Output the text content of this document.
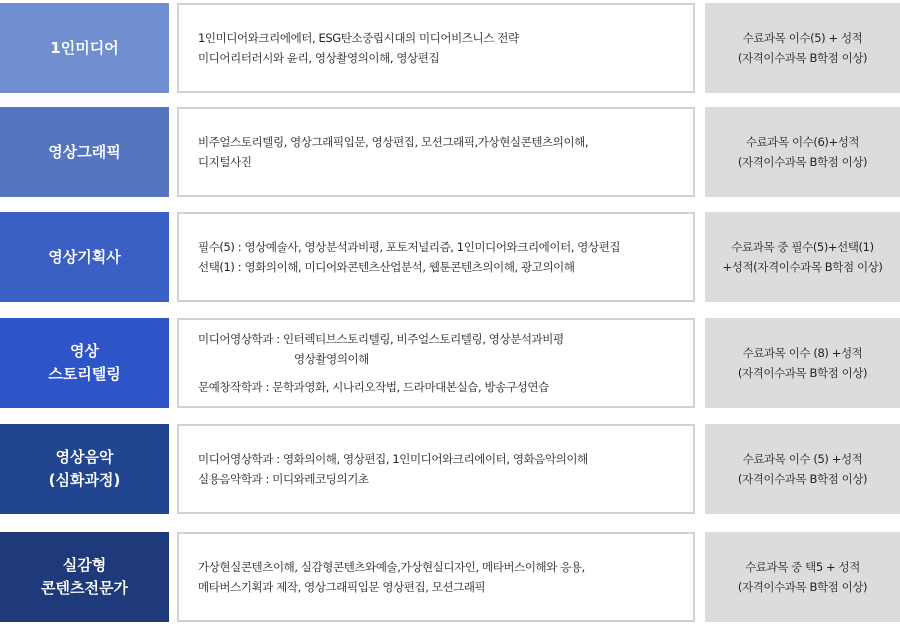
1인미디어
1인미디어와크리에에터, ESG탄소중립시대의 미디어비즈니스 전략
미디어리터러시와 윤리, 영상촬영의이해, 영상편집
수료과목 이수(5) + 성적
(자격이수과목 B학점 이상)
영상그래픽
비주얼스토리텔링, 영상그래픽입문, 영상편집, 모션그래픽,가상현실콘텐츠의이해,
디지털사진
수료과목 이수(6)+성적
(자격이수과목 B학점 이상)
영상기획사
필수(5) : 영상예술사, 영상분석과비평, 포토저널리즘, 1인미디어와크리에이터, 영상편집
선택(1) : 영화의이해, 미디어와콘텐츠산업분석, 웹툰콘텐츠의이해, 광고의이해
수료과목 중 필수(5)+선택(1)
+성적(자격이수과목 B학점 이상)
영상
스토리텔링
미디어영상학과 : 인터렉티브스토리텔링, 비주얼스토리텔링, 영상분석과비평
영상촬영의이해
문예창작학과 : 문학과영화, 시나리오작법, 드라마대본실습, 방송구성연습
수료과목 이수 (8) +성적
(자격이수과목 B학점 이상)
영상음악
(심화과정)
미디어영상학과 : 영화의이해, 영상편집, 1인미디어와크리에이터, 영화음악의이해
실용음악학과 : 미디와레코딩의기초
수료과목 이수 (5) +성적
(자격이수과목 B학점 이상)
실감형
콘텐츠전문가
가상현실콘텐츠이해, 실감형콘텐츠와예술,가상현실디자인, 메타버스이해와 응용,
메타버스기획과 제작, 영상그래픽입문 영상편집, 모션그래픽
수료과목 중 택5 + 성적
(자격이수과목 B학점 이상)
